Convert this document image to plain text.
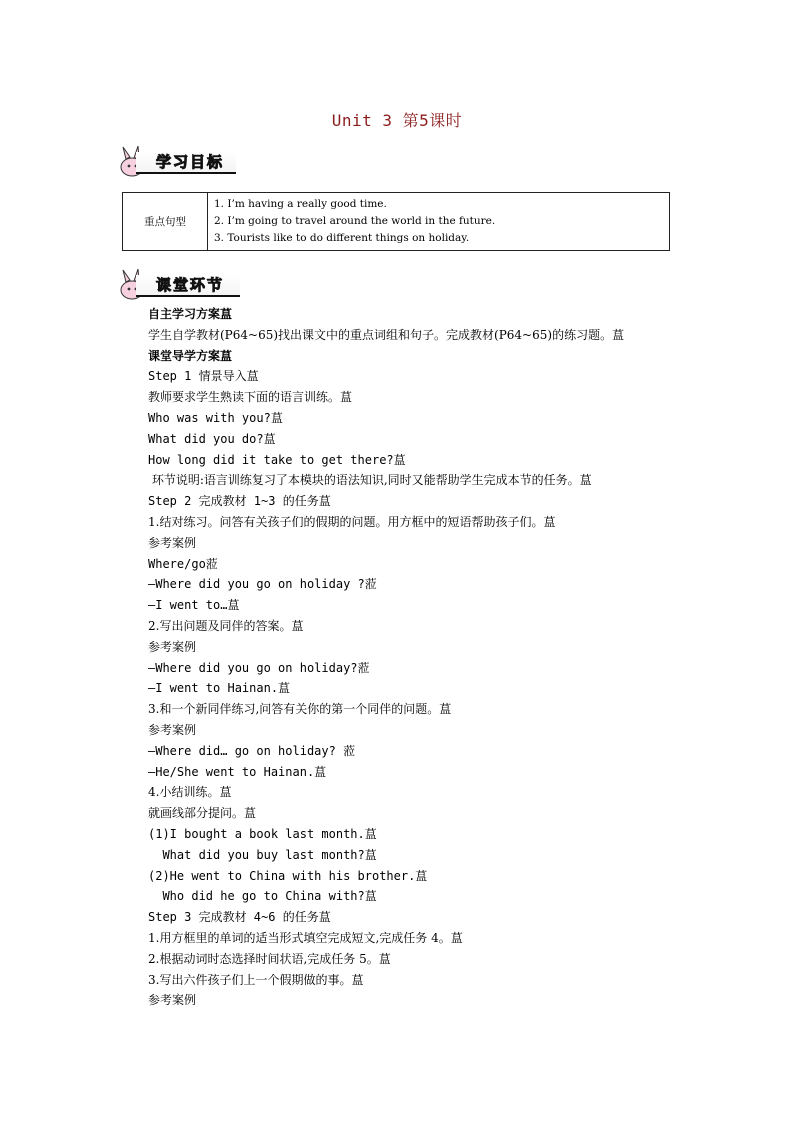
Unit 3 第5课时
学习目标
重点句型	
1. I’m having a really good time.
2. I’m going to travel around the world in the future.
3. Tourists like to do different things on holiday.
课堂环节
自主学习方案蒀
学生自学教材(P64~65)找出课文中的重点词组和句子。完成教材(P64~65)的练习题。蒀
课堂导学方案蒀
Step 1 情景导入蒀
教师要求学生熟读下面的语言训练。蒀
Who was with you?蒀
What did you do?蒀
How long did it take to get there?蒀
环节说明:语言训练复习了本模块的语法知识,同时又能帮助学生完成本节的任务。蒀
Step 2 完成教材 1~3 的任务蒀
1.结对练习。问答有关孩子们的假期的问题。用方框中的短语帮助孩子们。蒀
参考案例
Where/go蒞
—Where did you go on holiday ?蒞
—I went to…蒀
2.写出问题及同伴的答案。蒀
参考案例
—Where did you go on holiday?蒞
—I went to Hainan.蒀
3.和一个新同伴练习,问答有关你的第一个同伴的问题。蒀
参考案例
—Where did… go on holiday? 蒞
—He/She went to Hainan.蒀
4.小结训练。蒀
就画线部分提问。蒀
(1)I bought a book last month.蒀
What did you buy last month?蒀
(2)He went to China with his brother.蒀
Who did he go to China with?蒀
Step 3 完成教材 4~6 的任务蒀
1.用方框里的单词的适当形式填空完成短文,完成任务 4。蒀
2.根据动词时态选择时间状语,完成任务 5。蒀
3.写出六件孩子们上一个假期做的事。蒀
参考案例
